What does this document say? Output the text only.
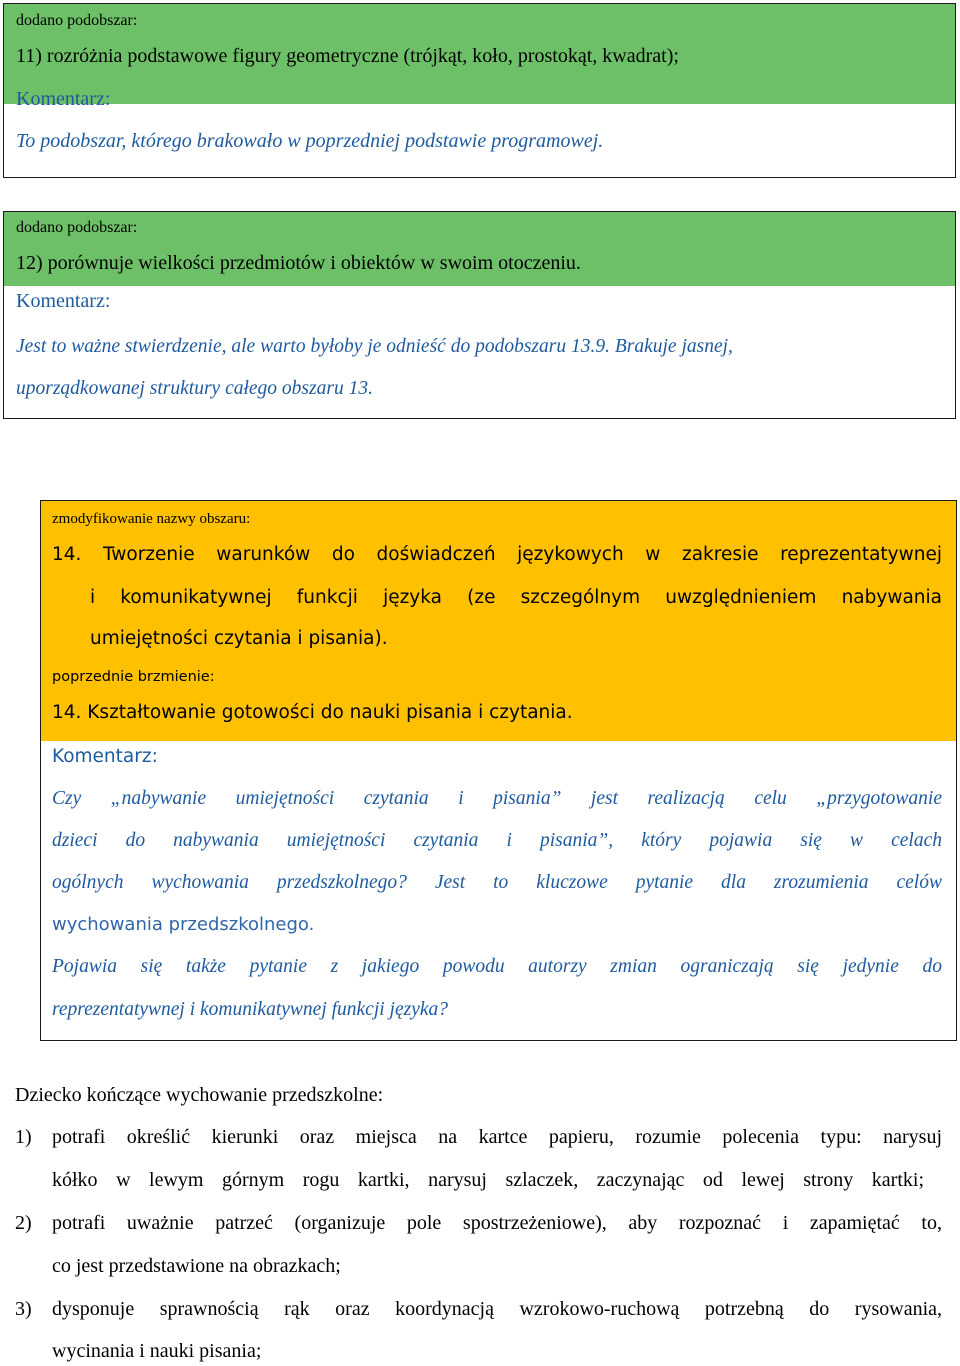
dodano podobszar:
11) rozróżnia podstawowe figury geometryczne (trójkąt, koło, prostokąt, kwadrat);
Komentarz:
To podobszar, którego brakowało w poprzedniej podstawie programowej.
dodano podobszar:
12) porównuje wielkości przedmiotów i obiektów w swoim otoczeniu.
Komentarz:
Jest to ważne stwierdzenie, ale warto byłoby je odnieść do podobszaru 13.9. Brakuje jasnej,
uporządkowanej struktury całego obszaru 13.
zmodyfikowanie nazwy obszaru:
14. Tworzenie warunków do doświadczeń językowych w zakresie reprezentatywnej
i komunikatywnej funkcji języka (ze szczególnym uwzględnieniem nabywania
umiejętności czytania i pisania).
poprzednie brzmienie:
14. Kształtowanie gotowości do nauki pisania i czytania.
Komentarz:
Czy „nabywanie umiejętności czytania i pisania” jest realizacją celu „przygotowanie
dzieci do nabywania umiejętności czytania i pisania”, który pojawia się w celach
ogólnych wychowania przedszkolnego? Jest to kluczowe pytanie dla zrozumienia celów
wychowania przedszkolnego.
Pojawia się także pytanie z jakiego powodu autorzy zmian ograniczają się jedynie do
reprezentatywnej i komunikatywnej funkcji języka?
Dziecko kończące wychowanie przedszkolne:
1) potrafi określić kierunki oraz miejsca na kartce papieru, rozumie polecenia typu: narysuj
kółko w lewym górnym rogu kartki, narysuj szlaczek, zaczynając od lewej strony kartki;
2) potrafi uważnie patrzeć (organizuje pole spostrzeżeniowe), aby rozpoznać i zapamiętać to,
co jest przedstawione na obrazkach;
3) dysponuje sprawnością rąk oraz koordynacją wzrokowo-ruchową potrzebną do rysowania,
wycinania i nauki pisania;
